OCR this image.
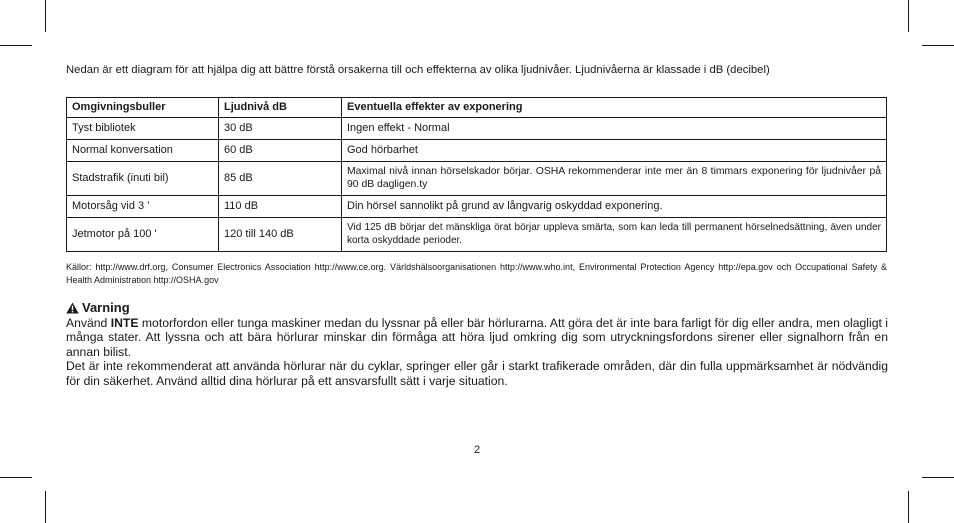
Nedan är ett diagram för att hjälpa dig att bättre förstå orsakerna till och effekterna av olika ljudnivåer. Ljudnivåerna är klassade i dB (decibel)
Omgivningsbuller	Ljudnivå dB	Eventuella effekter av exponering
Tyst bibliotek	30 dB	Ingen effekt - Normal
Normal konversation	60 dB	God hörbarhet
Stadstrafik (inuti bil)	85 dB	Maximal nivå innan hörselskador börjar. OSHA rekommenderar inte mer än 8 timmars exponering för ljudnivåer på 90 dB dagligen.ty
Motorsåg vid 3 '	110 dB	Din hörsel sannolikt på grund av långvarig oskyddad exponering.
Jetmotor på 100 '	120 till 140 dB	Vid 125 dB börjar det mänskliga örat börjar uppleva smärta, som kan leda till permanent hörselnedsättning, även under korta oskyddade perioder.
Källor: http://www.drf.org, Consumer Electronics Association http://www.ce.org. Världshälsoorganisationen http://www.who.int, Environmental Protection Agency http://epa.gov och Occupational Safety & Health Administration http://OSHA.gov
Varning

Använd INTE motorfordon eller tunga maskiner medan du lyssnar på eller bär hörlurarna. Att göra det är inte bara farligt för dig eller andra, men olagligt i många stater. Att lyssna och att bära hörlurar minskar din förmåga att höra ljud omkring dig som utryckningsfordons sirener eller signalhorn från en annan bilist.

Det är inte rekommenderat att använda hörlurar när du cyklar, springer eller går i starkt trafikerade områden, där din fulla uppmärksamhet är nödvändig för din säkerhet. Använd alltid dina hörlurar på ett ansvarsfullt sätt i varje situation.

2
